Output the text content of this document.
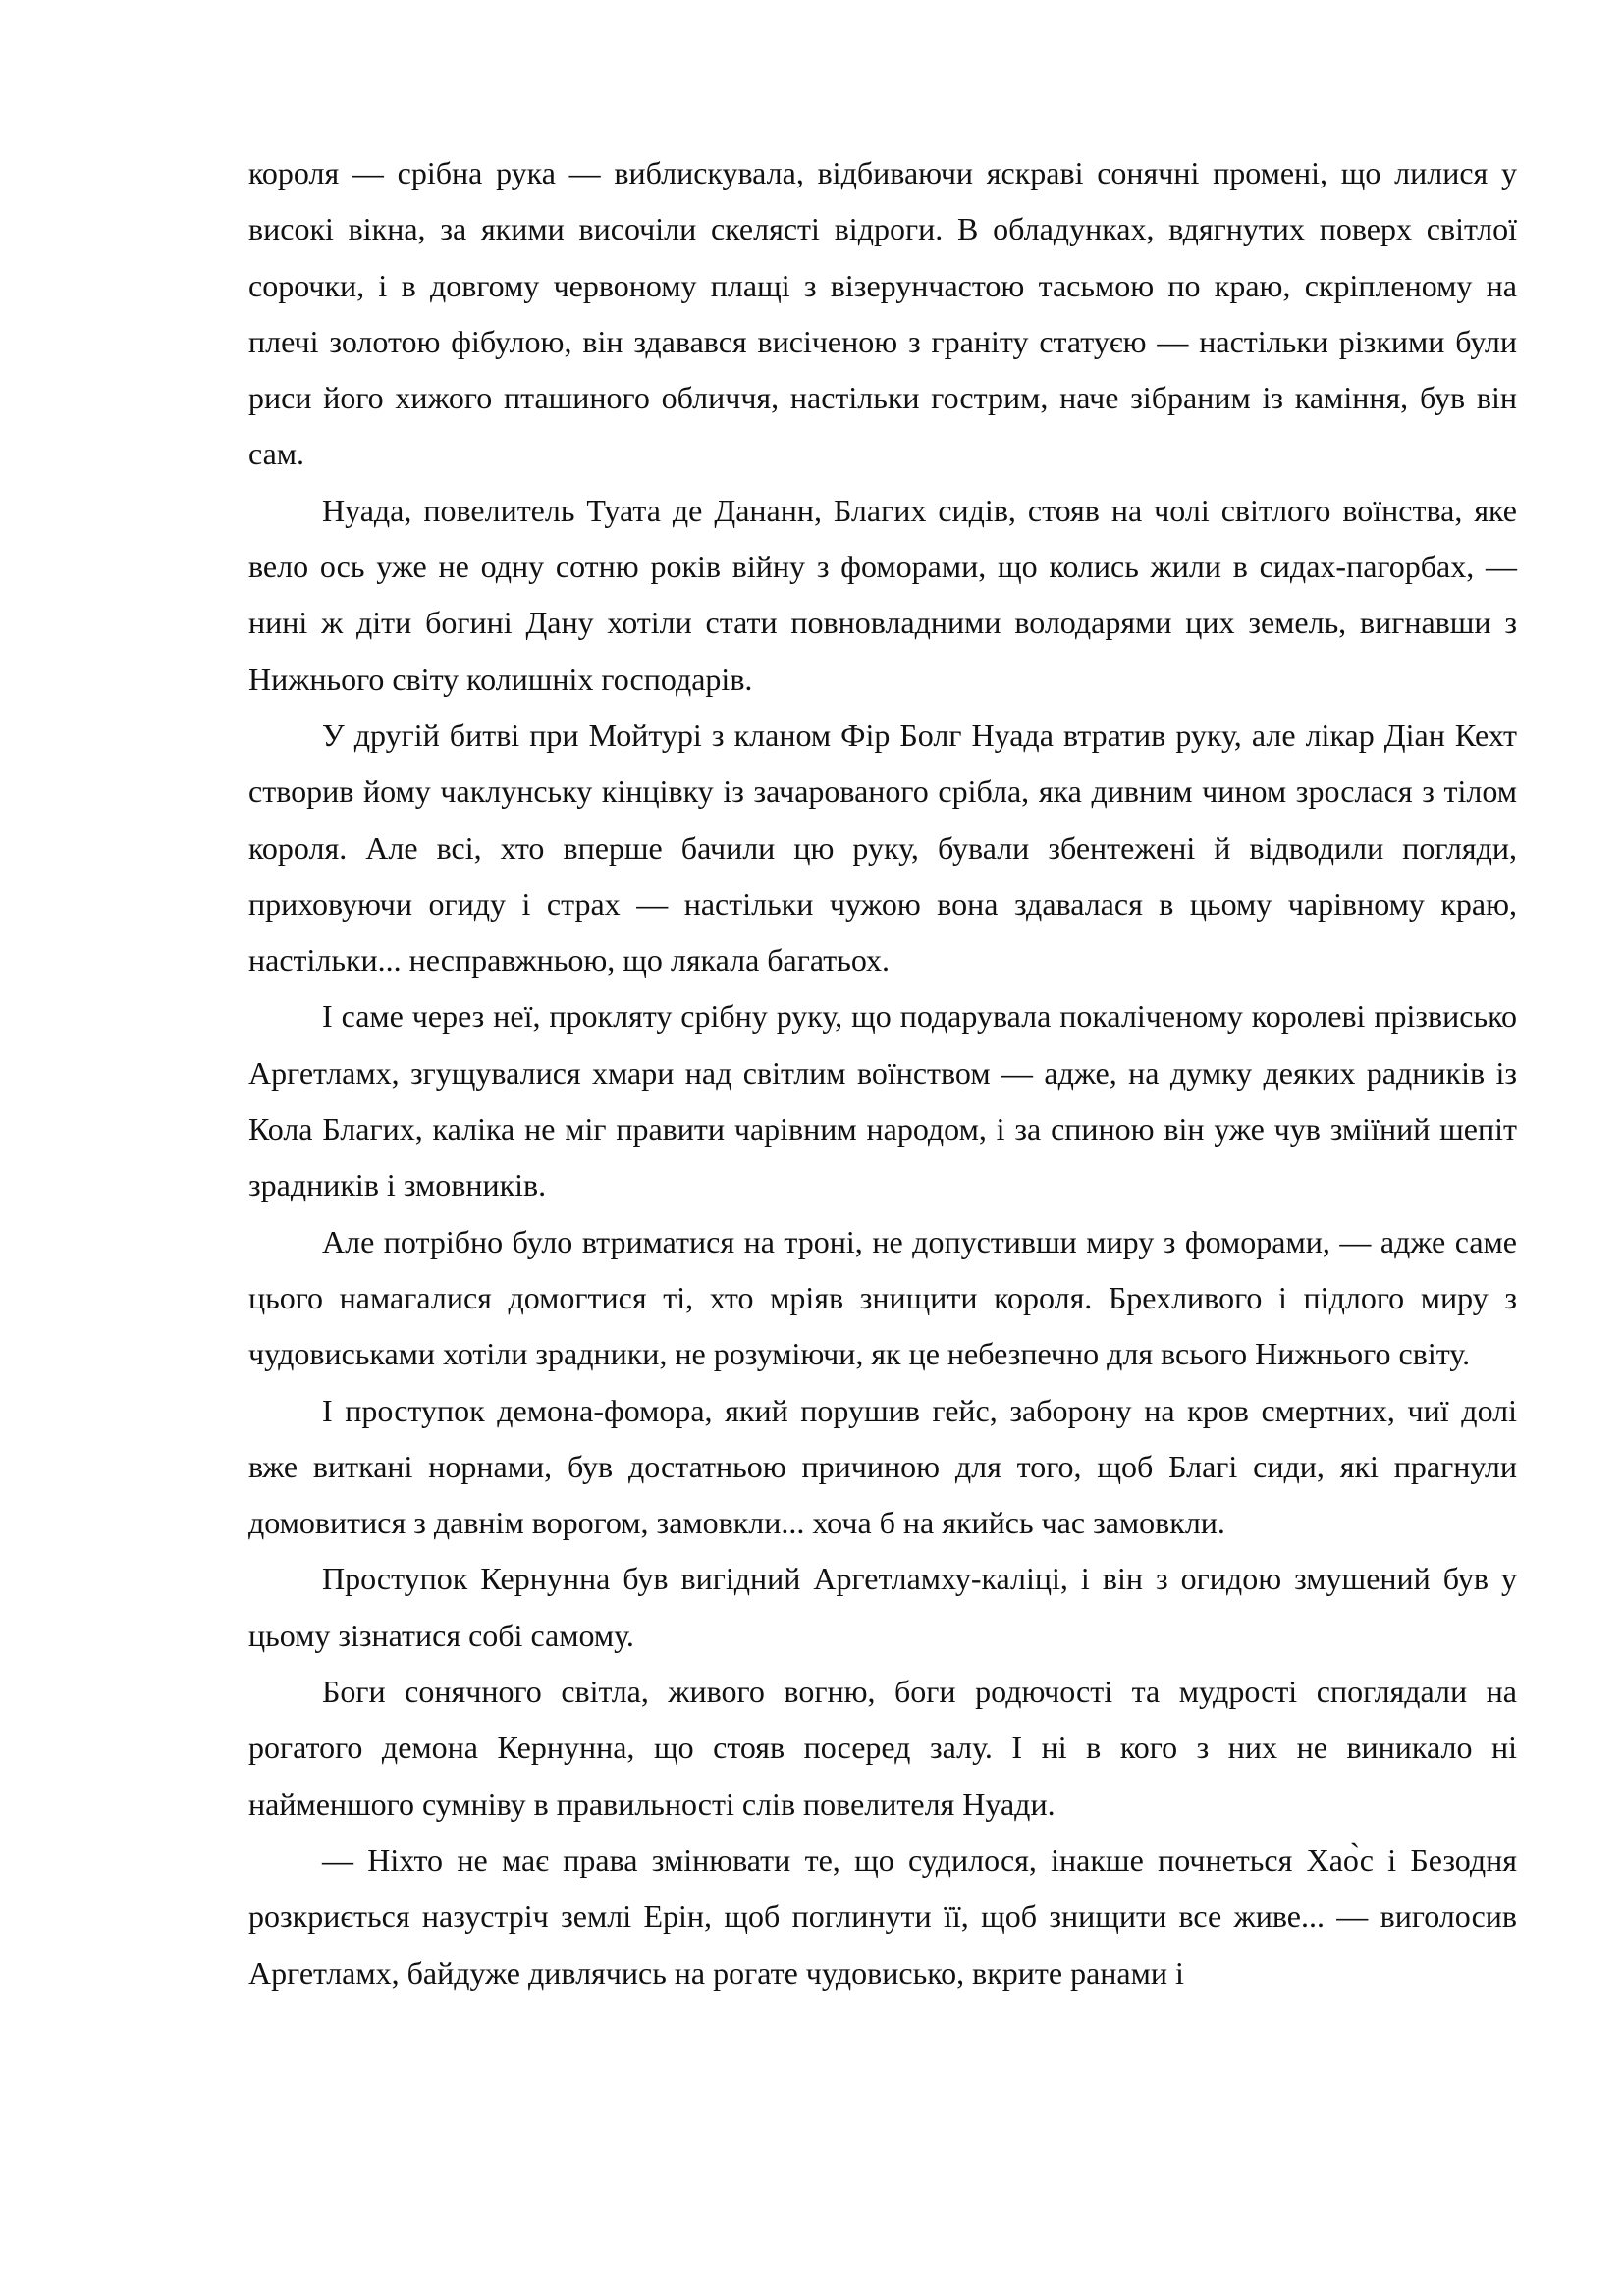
короля — срібна рука — виблискувала, відбиваючи яскраві сонячні промені, що лилися у високі вікна, за якими височіли скелясті відроги. В обладунках, вдягнутих поверх світлої сорочки, і в довгому червоному плащі з візерунчастою тасьмою по краю, скріпленому на плечі золотою фібулою, він здавався висіченою з граніту статуєю — настільки різкими були риси його хижого пташиного обличчя, настільки гострим, наче зібраним із каміння, був він сам.

Нуада, повелитель Туата де Дананн, Благих сидів, стояв на чолі світлого воїнства, яке вело ось уже не одну сотню років війну з фоморами, що колись жили в сидах-пагорбах, — нині ж діти богині Дану хотіли стати повновладними володарями цих земель, вигнавши з Нижнього світу колишніх господарів.

У другій битві при Мойтурі з кланом Фір Болг Нуада втратив руку, але лікар Діан Кехт створив йому чаклунську кінцівку із зачарованого срібла, яка дивним чином зрослася з тілом короля. Але всі, хто вперше бачили цю руку, бували збентежені й відводили погляди, приховуючи огиду і страх — настільки чужою вона здавалася в цьому чарівному краю, настільки... несправжньою, що лякала багатьох.

І саме через неї, прокляту срібну руку, що подарувала покаліченому королеві прізвисько Аргетламх, згущувалися хмари над світлим воїнством — адже, на думку деяких радників із Кола Благих, каліка не міг правити чарівним народом, і за спиною він уже чув зміїний шепіт зрадників і змовників.

Але потрібно було втриматися на троні, не допустивши миру з фоморами, — адже саме цього намагалися домогтися ті, хто мріяв знищити короля. Брехливого і підлого миру з чудовиськами хотіли зрадники, не розуміючи, як це небезпечно для всього Нижнього світу.

І проступок демона-фомора, який порушив гейс, заборону на кров смертних, чиї долі вже виткані норнами, був достатньою причиною для того, щоб Благі сиди, які прагнули домовитися з давнім ворогом, замовкли... хоча б на якийсь час замовкли.

Проступок Кернунна був вигідний Аргетламху-каліці, і він з огидою змушений був у цьому зізнатися собі самому.

Боги сонячного світла, живого вогню, боги родючості та мудрості споглядали на рогатого демона Кернунна, що стояв посеред залу. І ні в кого з них не виникало ні найменшого сумніву в правильності слів повелителя Нуади.

— Ніхто не має права змінювати те, що судилося, інакше почнеться Хао̀с і Безодня розкриється назустріч землі Ерін, щоб поглинути її, щоб знищити все живе... — виголосив Аргетламх, байдуже дивлячись на рогате чудовисько, вкрите ранами і
